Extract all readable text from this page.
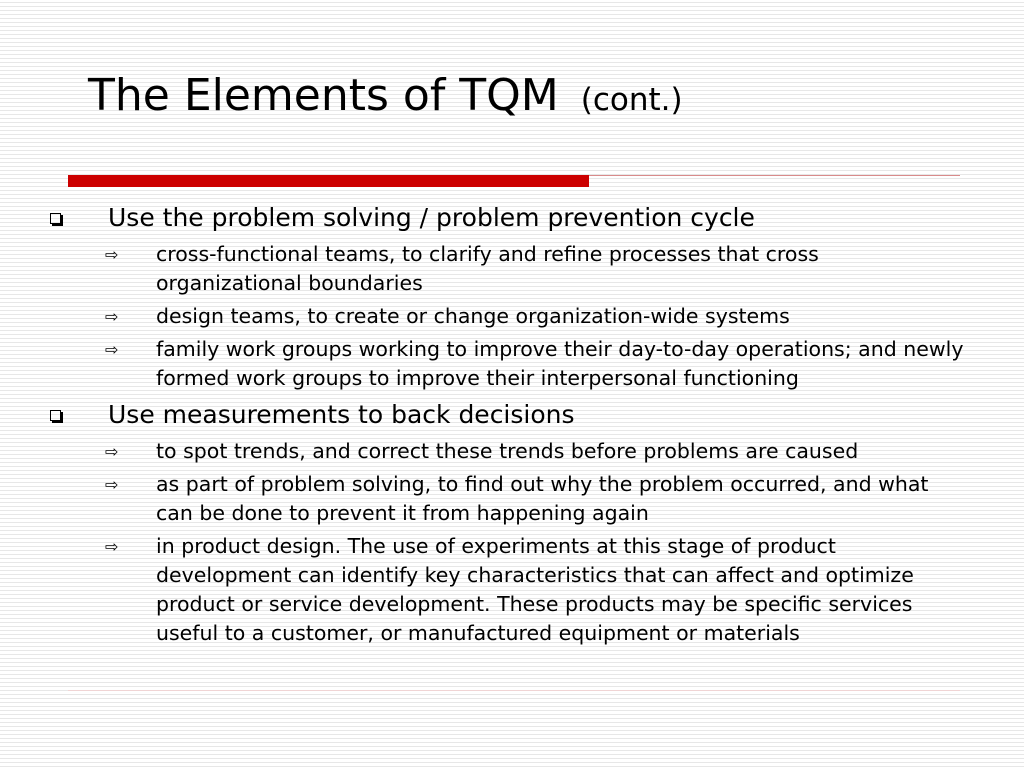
The Elements of TQM (cont.)
Use the problem solving / problem prevention cycle
⇨ cross-functional teams, to clarify and refine processes that cross organizational boundaries
⇨ design teams, to create or change organization-wide systems
⇨ family work groups working to improve their day-to-day operations; and newly formed work groups to improve their interpersonal functioning
Use measurements to back decisions
⇨ to spot trends, and correct these trends before problems are caused
⇨ as part of problem solving, to find out why the problem occurred, and what can be done to prevent it from happening again
⇨ in product design. The use of experiments at this stage of product development can identify key characteristics that can affect and optimize product or service development. These products may be specific services useful to a customer, or manufactured equipment or materials
